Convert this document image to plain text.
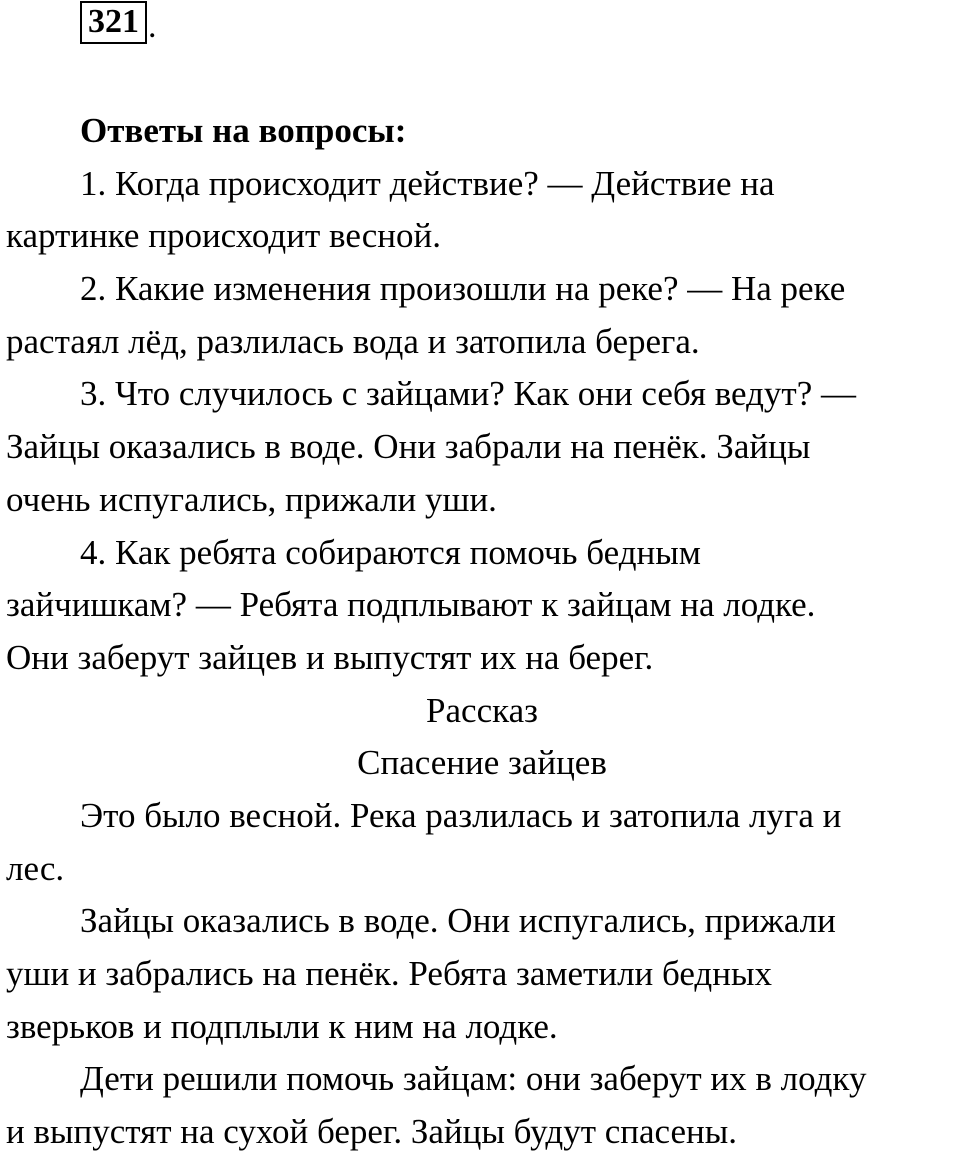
321 .
Ответы на вопросы:
1. Когда происходит действие? — Действие на
картинке происходит весной.
2. Какие изменения произошли на реке? — На реке
растаял лёд, разлилась вода и затопила берега.
3. Что случилось с зайцами? Как они себя ведут? —
Зайцы оказались в воде. Они забрали на пенёк. Зайцы
очень испугались, прижали уши.
4. Как ребята собираются помочь бедным
зайчишкам? — Ребята подплывают к зайцам на лодке.
Они заберут зайцев и выпустят их на берег.
Рассказ
Спасение зайцев
Это было весной. Река разлилась и затопила луга и
лес.
Зайцы оказались в воде. Они испугались, прижали
уши и забрались на пенёк. Ребята заметили бедных
зверьков и подплыли к ним на лодке.
Дети решили помочь зайцам: они заберут их в лодку
и выпустят на сухой берег. Зайцы будут спасены.
